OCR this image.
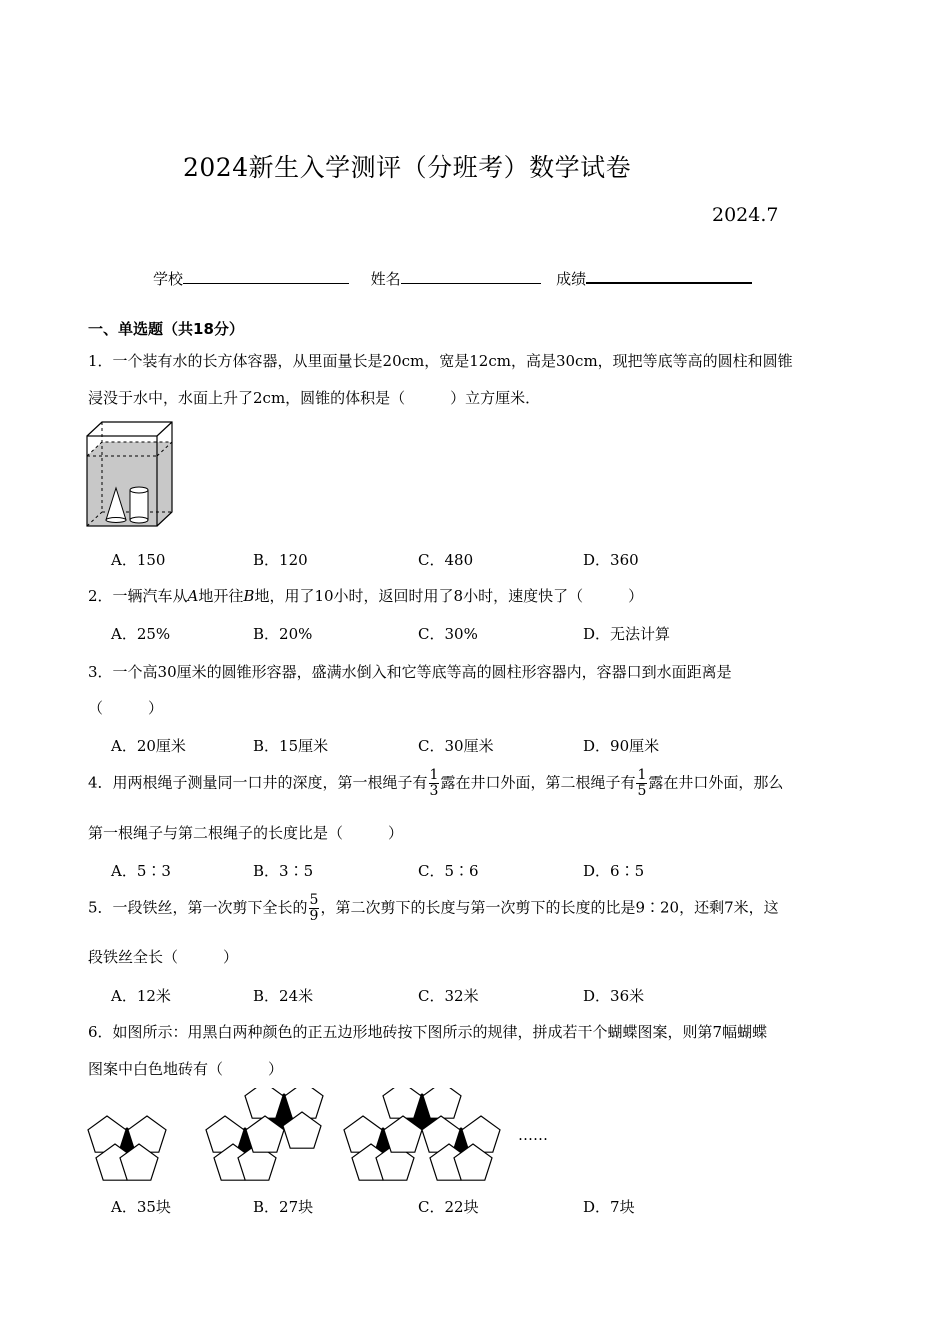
2024新生入学测评（分班考）数学试卷
2024.7
学校	姓名	成绩
一、单选题（共18分）
1．一个装有水的长方体容器，从里面量长是20cm，宽是12cm，高是30cm，现把等底等高的圆柱和圆锥
浸没于水中，水面上升了2cm，圆锥的体积是（　　　）立方厘米．
A．150	B．120	C．480	D．360
2．一辆汽车从A地开往B地，用了10小时，返回时用了8小时，速度快了（　　　）
A．25%	B．20%	C．30%	D．无法计算
3．一个高30厘米的圆锥形容器，盛满水倒入和它等底等高的圆柱形容器内，容器口到水面距离是
（　　　）
A．20厘米	B．15厘米	C．30厘米	D．90厘米
4．用两根绳子测量同一口井的深度，第一根绳子有 $\frac{1}{3}$ 露在井口外面，第二根绳子有 $\frac{1}{5}$ 露在井口外面，那么
第一根绳子与第二根绳子的长度比是（　　　）
A．5∶3	B．3∶5	C．5∶6	D．6∶5
5．一段铁丝，第一次剪下全长的 $\frac{5}{9}$ ，第二次剪下的长度与第一次剪下的长度的比是9∶20，还剩7米，这
段铁丝全长（　　　）
A．12米	B．24米	C．32米	D．36米
6．如图所示：用黑白两种颜色的正五边形地砖按下图所示的规律，拼成若干个蝴蝶图案，则第7幅蝴蝶
图案中白色地砖有（　　　）
……
A．35块	B．27块	C．22块	D．7块
